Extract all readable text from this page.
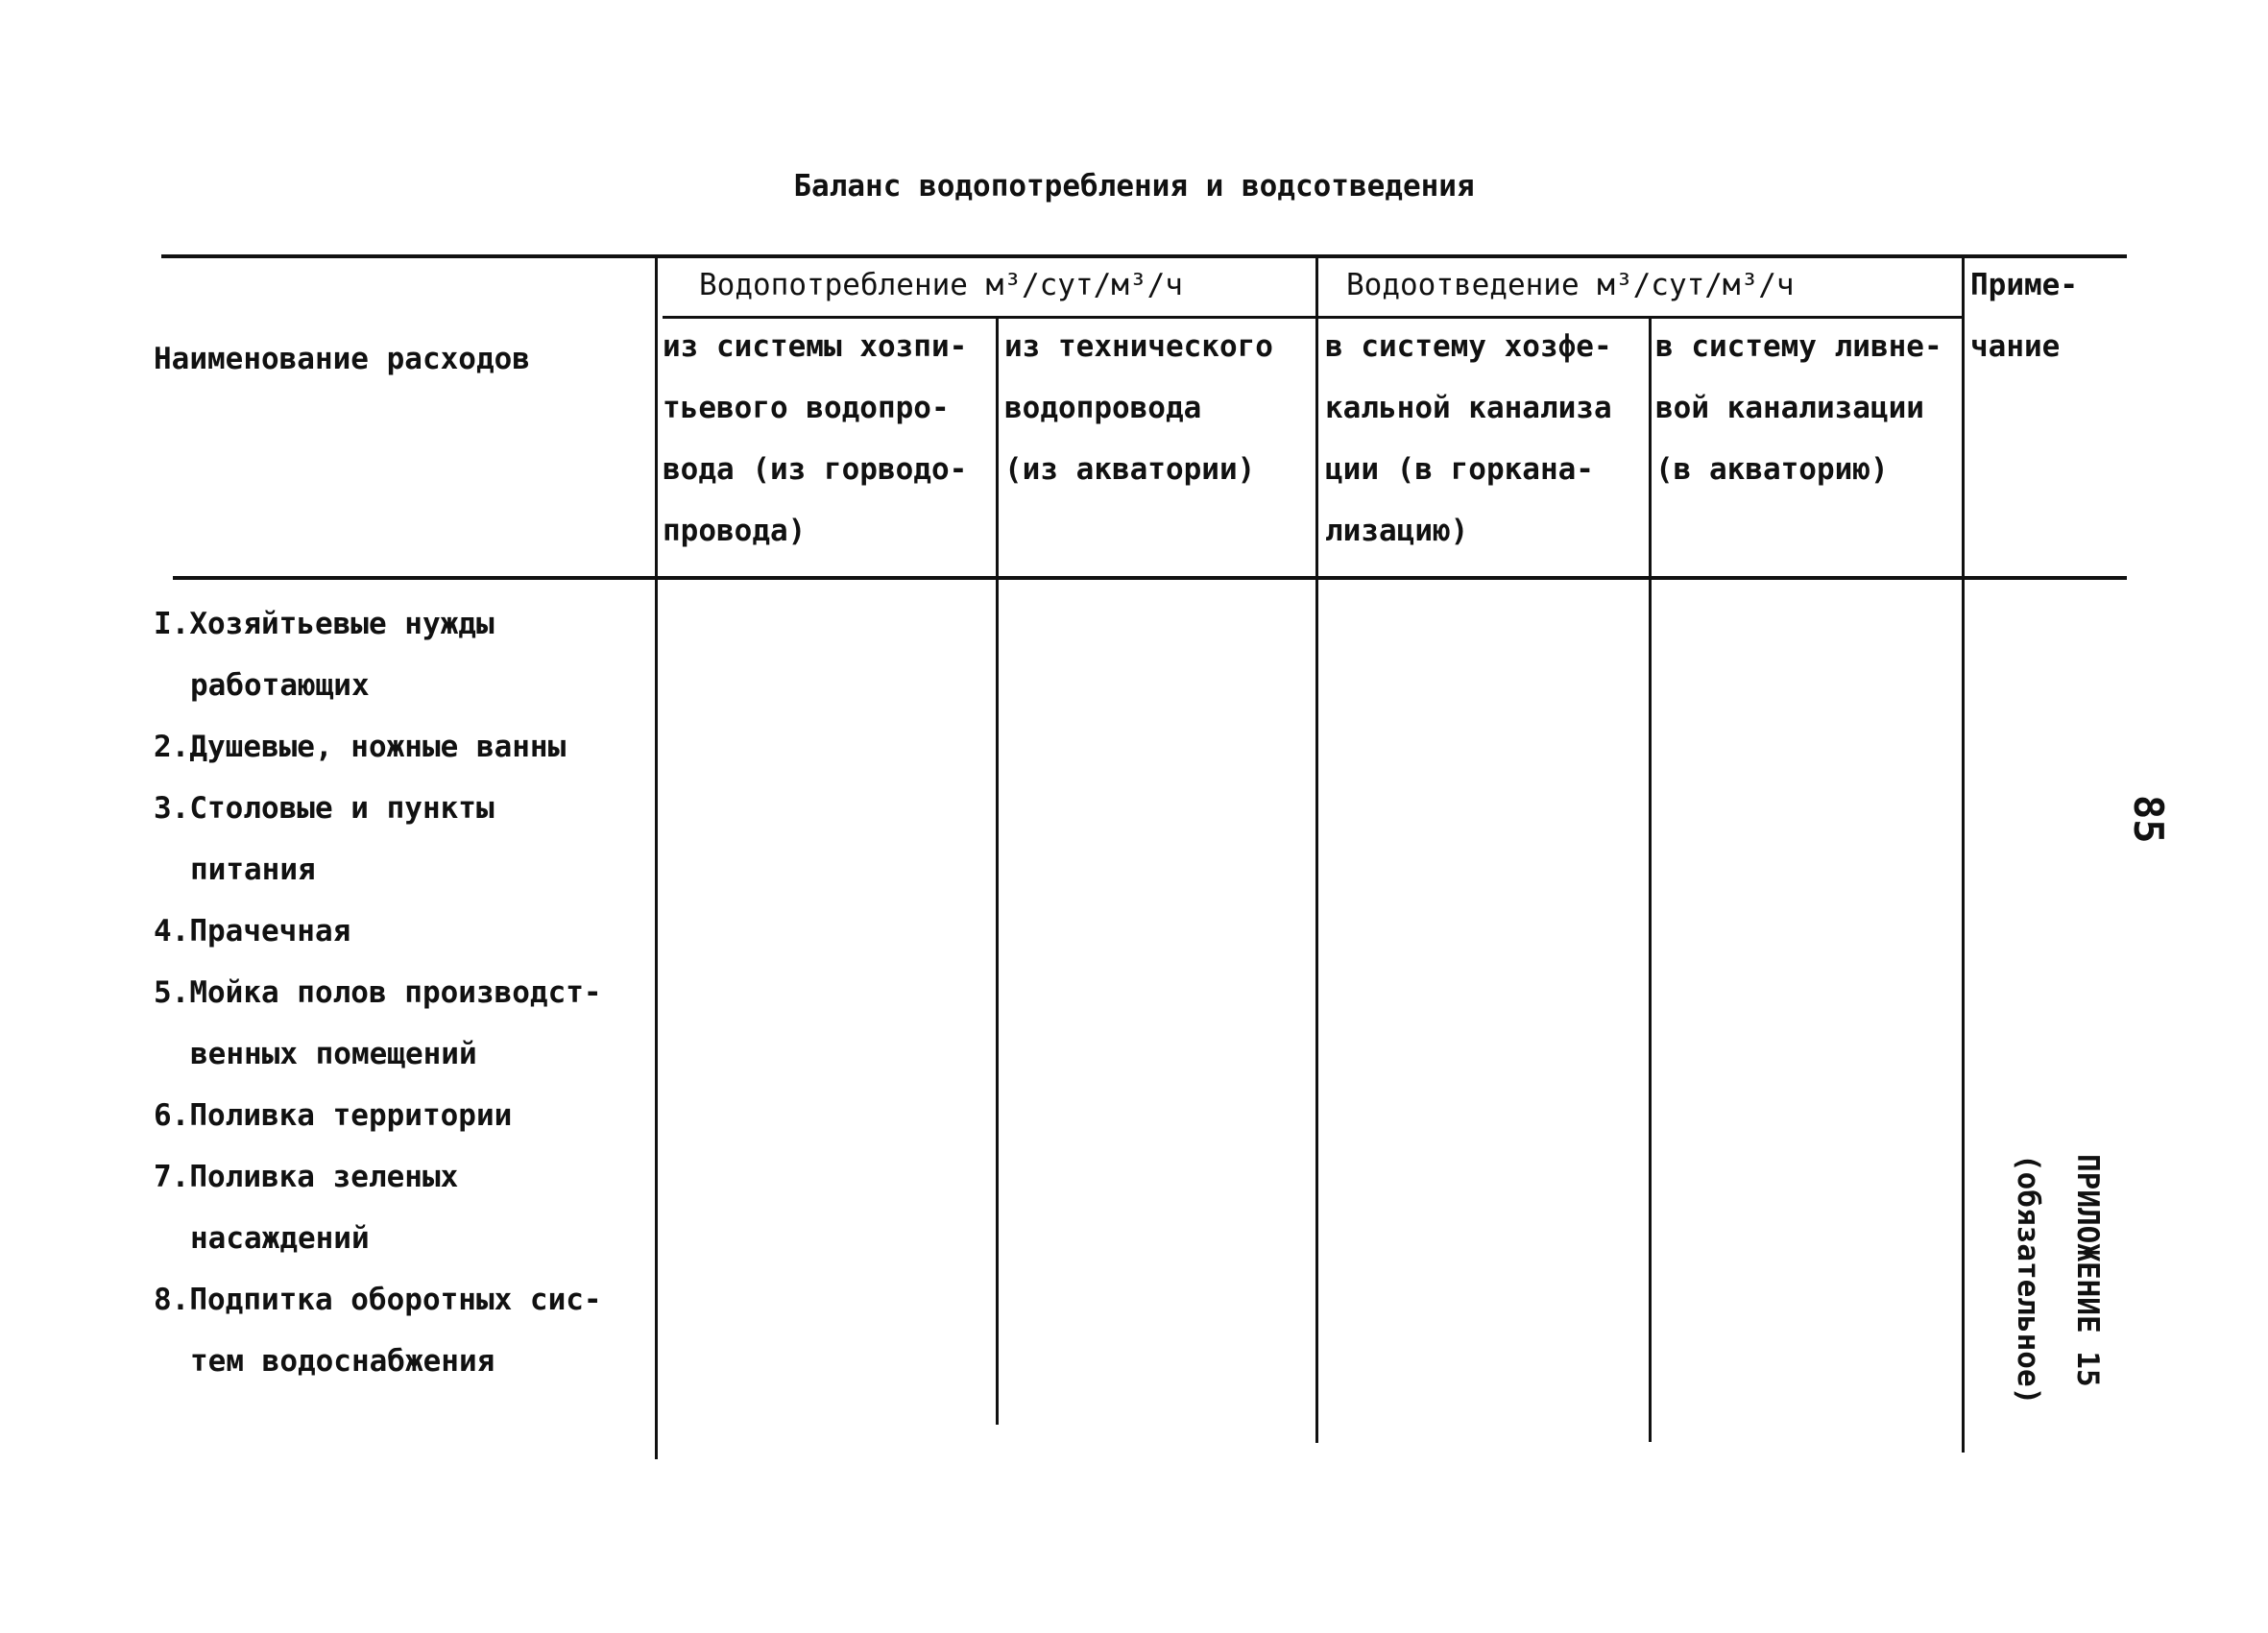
Баланс водопотребления и водсотведения
Наименование расходов
Водопотребление м³/сут/м³/ч	Водоотведение м³/сут/м³/ч	Приме-
чание
из системы хозпи-
тьевого водопро-
вода (из горводо-
провода)
из технического
водопровода
(из акватории)
в систему хозфе-
кальной канализа
ции (в горкана-
лизацию)
в систему ливне-
вой канализации
(в акваторию)
I.Хозяйтьевые нужды
работающих
2.Душевые, ножные ванны
3.Столовые и пункты
питания
4.Прачечная
5.Мойка полов производст-
венных помещений
6.Поливка территории
7.Поливка зеленых
насаждений
8.Подпитка оборотных сис-
тем водоснабжения
85
ПРИЛОЖЕНИЕ 15
(обязательное)
